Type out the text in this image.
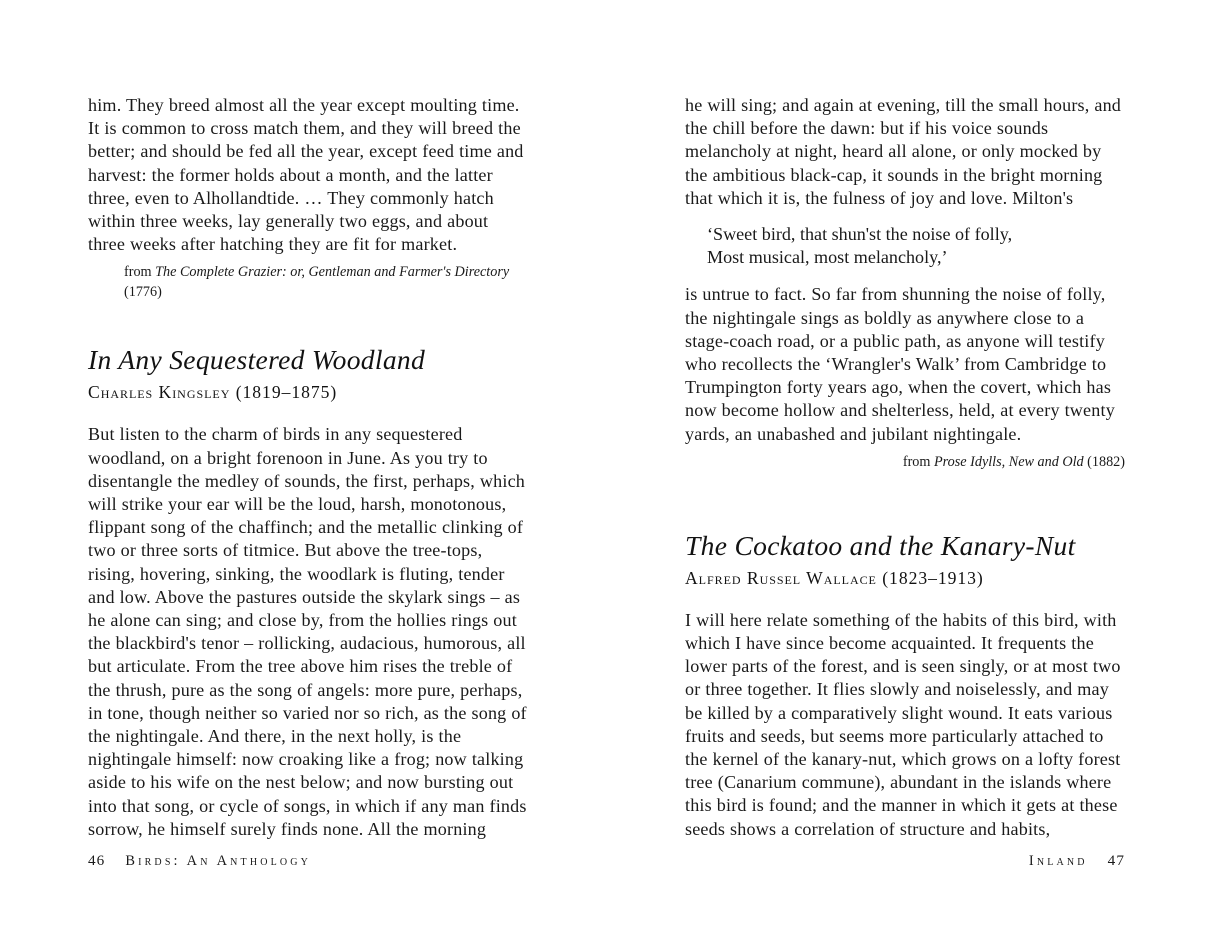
him. They breed almost all the year except moulting time. It is common to cross match them, and they will breed the better; and should be fed all the year, except feed time and harvest: the former holds about a month, and the latter three, even to Alhollandtide. … They commonly hatch within three weeks, lay generally two eggs, and about three weeks after hatching they are fit for market.

from The Complete Grazier: or, Gentleman and Farmer's Directory (1776)

In Any Sequestered Woodland

Charles Kingsley (1819–1875)

But listen to the charm of birds in any sequestered woodland, on a bright forenoon in June. As you try to disentangle the medley of sounds, the first, perhaps, which will strike your ear will be the loud, harsh, monotonous, flippant song of the chaffinch; and the metallic clinking of two or three sorts of titmice. But above the tree-tops, rising, hovering, sinking, the woodlark is fluting, tender and low. Above the pastures outside the skylark sings – as he alone can sing; and close by, from the hollies rings out the blackbird's tenor – rollicking, audacious, humorous, all but articulate. From the tree above him rises the treble of the thrush, pure as the song of angels: more pure, perhaps, in tone, though neither so varied nor so rich, as the song of the nightingale. And there, in the next holly, is the nightingale himself: now croaking like a frog; now talking aside to his wife on the nest below; and now bursting out into that song, or cycle of songs, in which if any man finds sorrow, he himself surely finds none. All the morning

46 Birds: An Anthology

he will sing; and again at evening, till the small hours, and the chill before the dawn: but if his voice sounds melancholy at night, heard all alone, or only mocked by the ambitious black-cap, it sounds in the bright morning that which it is, the fulness of joy and love. Milton's

‘Sweet bird, that shun'st the noise of folly,
Most musical, most melancholy,’

is untrue to fact. So far from shunning the noise of folly, the nightingale sings as boldly as anywhere close to a stage-coach road, or a public path, as anyone will testify who recollects the ‘Wrangler's Walk’ from Cambridge to Trumpington forty years ago, when the covert, which has now become hollow and shelterless, held, at every twenty yards, an unabashed and jubilant nightingale.

from Prose Idylls, New and Old (1882)

The Cockatoo and the Kanary-Nut

Alfred Russel Wallace (1823–1913)

I will here relate something of the habits of this bird, with which I have since become acquainted. It frequents the lower parts of the forest, and is seen singly, or at most two or three together. It flies slowly and noiselessly, and may be killed by a comparatively slight wound. It eats various fruits and seeds, but seems more particularly attached to the kernel of the kanary-nut, which grows on a lofty forest tree (Canarium commune), abundant in the islands where this bird is found; and the manner in which it gets at these seeds shows a correlation of structure and habits,

Inland 47
